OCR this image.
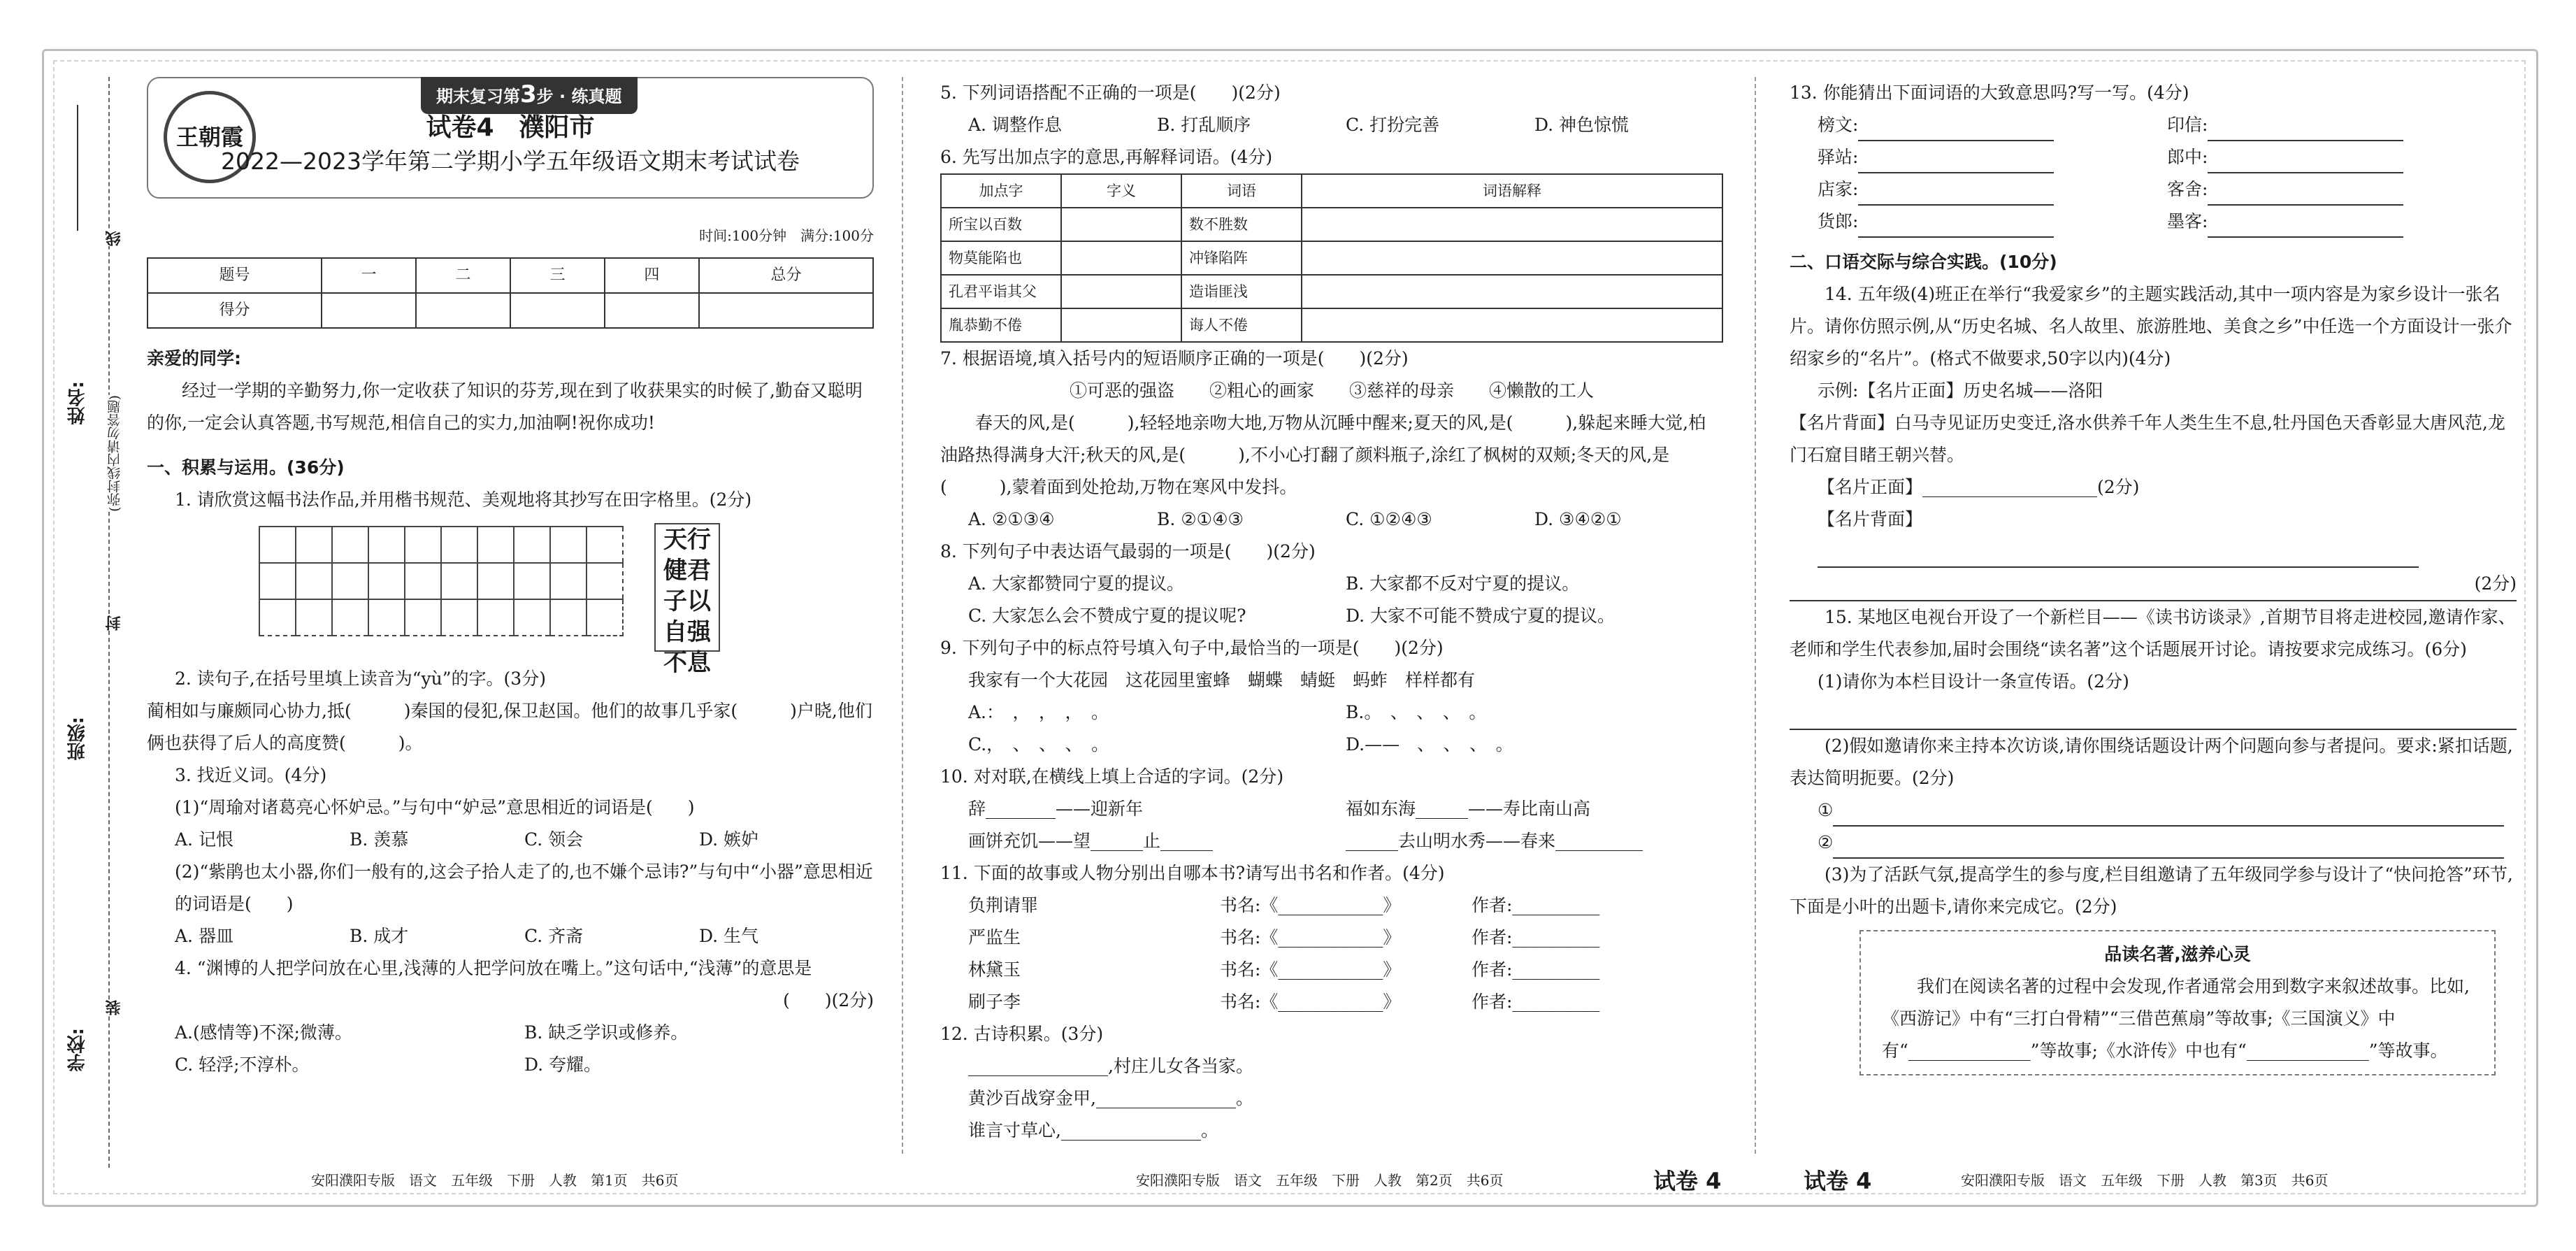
姓名:
班级:
学校:
线
封
装
(弥封线内请勿答题)
王朝霞
期末复习第3步 · 练真题
试卷4　濮阳市
2022—2023学年第二学期小学五年级语文期末考试试卷
时间:100分钟　满分:100分
题号	一	二	三	四	总分
得分					
亲爱的同学:
经过一学期的辛勤努力,你一定收获了知识的芬芳,现在到了收获果实的时候了,勤奋又聪明的你,一定会认真答题,书写规范,相信自己的实力,加油啊!祝你成功!
一、积累与运用。(36分)
1. 请欣赏这幅书法作品,并用楷书规范、美观地将其抄写在田字格里。(2分)

天行健君子以自强不息
2. 读句子,在括号里填上读音为“yù”的字。(3分)
蔺相如与廉颇同心协力,抵(　　　)秦国的侵犯,保卫赵国。他们的故事几乎家(　　　)户晓,他们俩也获得了后人的高度赞(　　　)。
3. 找近义词。(4分)
(1)“周瑜对诸葛亮心怀妒忌。”与句中“妒忌”意思相近的词语是(　　)
A. 记恨	B. 羡慕	C. 领会	D. 嫉妒
(2)“紫鹃也太小器,你们一般有的,这会子拾人走了的,也不嫌个忌讳?”与句中“小器”意思相近的词语是(　　)
A. 器皿	B. 成才	C. 齐斋	D. 生气
4. “渊博的人把学问放在心里,浅薄的人把学问放在嘴上。”这句话中,“浅薄”的意思是
(　　)(2分)
A.(感情等)不深;微薄。	B. 缺乏学识或修养。
C. 轻浮;不淳朴。	D. 夸耀。
5. 下列词语搭配不正确的一项是(　　)(2分)
A. 调整作息	B. 打乱顺序	C. 打扮完善	D. 神色惊慌
6. 先写出加点字的意思,再解释词语。(4分)
加点字	字义	词语	词语解释
所宝以百数		数不胜数	
物莫能陷也		冲锋陷阵	
孔君平诣其父		造诣匪浅	
胤恭勤不倦		诲人不倦	
7. 根据语境,填入括号内的短语顺序正确的一项是(　　)(2分)
①可恶的强盗　　②粗心的画家　　③慈祥的母亲　　④懒散的工人
春天的风,是(　　　),轻轻地亲吻大地,万物从沉睡中醒来;夏天的风,是(　　　),躲起来睡大觉,柏油路热得满身大汗;秋天的风,是(　　　),不小心打翻了颜料瓶子,涂红了枫树的双颊;冬天的风,是(　　　),蒙着面到处抢劫,万物在寒风中发抖。
A. ②①③④	B. ②①④③	C. ①②④③	D. ③④②①
8. 下列句子中表达语气最弱的一项是(　　)(2分)
A. 大家都赞同宁夏的提议。	B. 大家都不反对宁夏的提议。
C. 大家怎么会不赞成宁夏的提议呢?	D. 大家不可能不赞成宁夏的提议。
9. 下列句子中的标点符号填入句子中,最恰当的一项是(　　)(2分)
我家有一个大花园　这花园里蜜蜂　蝴蝶　蜻蜓　蚂蚱　样样都有
A.：　，　，　，　。	B.。　、　、　、　。
C.，　、　、　、　。	D.——　、　、　、　。
10. 对对联,在横线上填上合适的字词。(2分)
辞________——迎新年	福如东海______——寿比南山高
画饼充饥——望______止______	______去山明水秀——春来__________
11. 下面的故事或人物分别出自哪本书?请写出书名和作者。(4分)
负荆请罪	书名:《____________》	作者:__________
严监生	书名:《____________》	作者:__________
林黛玉	书名:《____________》	作者:__________
刷子李	书名:《____________》	作者:__________
12. 古诗积累。(3分)
________________,村庄儿女各当家。
黄沙百战穿金甲,________________。
谁言寸草心,________________。
13. 你能猜出下面词语的大致意思吗?写一写。(4分)
榜文:	印信:
驿站:	郎中:
店家:	客舍:
货郎:	墨客:
二、口语交际与综合实践。(10分)
14. 五年级(4)班正在举行“我爱家乡”的主题实践活动,其中一项内容是为家乡设计一张名片。请你仿照示例,从“历史名城、名人故里、旅游胜地、美食之乡”中任选一个方面设计一张介绍家乡的“名片”。(格式不做要求,50字以内)(4分)
示例:【名片正面】历史名城——洛阳
【名片背面】白马寺见证历史变迁,洛水供养千年人类生生不息,牡丹国色天香彰显大唐风范,龙门石窟目睹王朝兴替。
【名片正面】____________________(2分)
【名片背面】
(2分)
15. 某地区电视台开设了一个新栏目——《读书访谈录》,首期节目将走进校园,邀请作家、老师和学生代表参加,届时会围绕“读名著”这个话题展开讨论。请按要求完成练习。(6分)
(1)请你为本栏目设计一条宣传语。(2分)
(2)假如邀请你来主持本次访谈,请你围绕话题设计两个问题向参与者提问。要求:紧扣话题,表达简明扼要。(2分)
①
②
(3)为了活跃气氛,提高学生的参与度,栏目组邀请了五年级同学参与设计了“快问抢答”环节,下面是小叶的出题卡,请你来完成它。(2分)
品读名著,滋养心灵
我们在阅读名著的过程中会发现,作者通常会用到数字来叙述故事。比如,《西游记》中有“三打白骨精”“三借芭蕉扇”等故事;《三国演义》中有“______________”等故事;《水浒传》中也有“______________”等故事。
安阳濮阳专版　语文　五年级　下册　人教　第1页　共6页	安阳濮阳专版　语文　五年级　下册　人教　第2页　共6页	试卷 4	试卷 4	安阳濮阳专版　语文　五年级　下册　人教　第3页　共6页
